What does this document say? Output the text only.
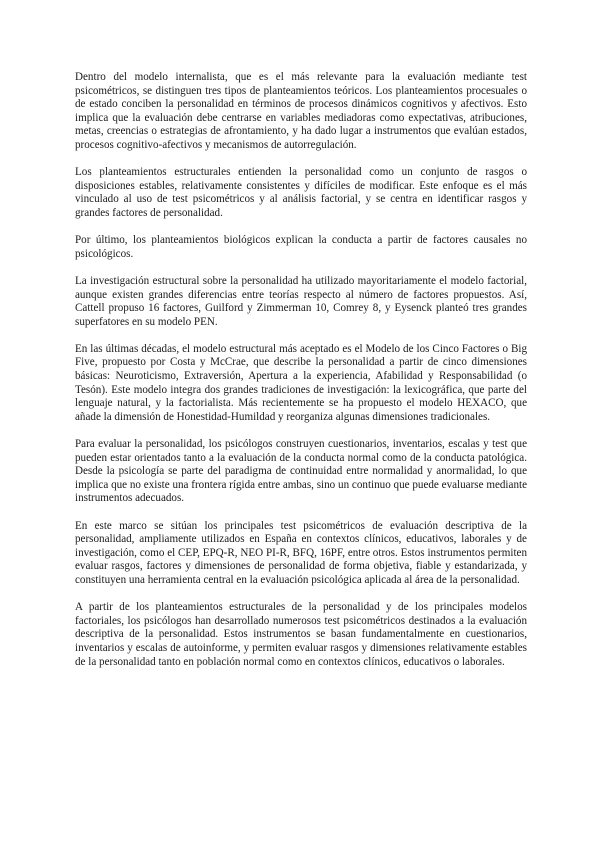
Dentro del modelo internalista, que es el más relevante para la evaluación mediante test psicométricos, se distinguen tres tipos de planteamientos teóricos. Los planteamientos procesuales o de estado conciben la personalidad en términos de procesos dinámicos cognitivos y afectivos. Esto implica que la evaluación debe centrarse en variables mediadoras como expectativas, atribuciones, metas, creencias o estrategias de afrontamiento, y ha dado lugar a instrumentos que evalúan estados, procesos cognitivo-afectivos y mecanismos de autorregulación.

Los planteamientos estructurales entienden la personalidad como un conjunto de rasgos o disposiciones estables, relativamente consistentes y difíciles de modificar. Este enfoque es el más vinculado al uso de test psicométricos y al análisis factorial, y se centra en identificar rasgos y grandes factores de personalidad.

Por último, los planteamientos biológicos explican la conducta a partir de factores causales no psicológicos.

La investigación estructural sobre la personalidad ha utilizado mayoritariamente el modelo factorial, aunque existen grandes diferencias entre teorías respecto al número de factores propuestos. Así, Cattell propuso 16 factores, Guilford y Zimmerman 10, Comrey 8, y Eysenck planteó tres grandes superfatores en su modelo PEN.

En las últimas décadas, el modelo estructural más aceptado es el Modelo de los Cinco Factores o Big Five, propuesto por Costa y McCrae, que describe la personalidad a partir de cinco dimensiones básicas: Neuroticismo, Extraversión, Apertura a la experiencia, Afabilidad y Responsabilidad (o Tesón). Este modelo integra dos grandes tradiciones de investigación: la lexicográfica, que parte del lenguaje natural, y la factorialista. Más recientemente se ha propuesto el modelo HEXACO, que añade la dimensión de Honestidad-Humildad y reorganiza algunas dimensiones tradicionales.

Para evaluar la personalidad, los psicólogos construyen cuestionarios, inventarios, escalas y test que pueden estar orientados tanto a la evaluación de la conducta normal como de la conducta patológica. Desde la psicología se parte del paradigma de continuidad entre normalidad y anormalidad, lo que implica que no existe una frontera rígida entre ambas, sino un continuo que puede evaluarse mediante instrumentos adecuados.

En este marco se sitúan los principales test psicométricos de evaluación descriptiva de la personalidad, ampliamente utilizados en España en contextos clínicos, educativos, laborales y de investigación, como el CEP, EPQ-R, NEO PI-R, BFQ, 16PF, entre otros. Estos instrumentos permiten evaluar rasgos, factores y dimensiones de personalidad de forma objetiva, fiable y estandarizada, y constituyen una herramienta central en la evaluación psicológica aplicada al área de la personalidad.

A partir de los planteamientos estructurales de la personalidad y de los principales modelos factoriales, los psicólogos han desarrollado numerosos test psicométricos destinados a la evaluación descriptiva de la personalidad. Estos instrumentos se basan fundamentalmente en cuestionarios, inventarios y escalas de autoinforme, y permiten evaluar rasgos y dimensiones relativamente estables de la personalidad tanto en población normal como en contextos clínicos, educativos o laborales.
